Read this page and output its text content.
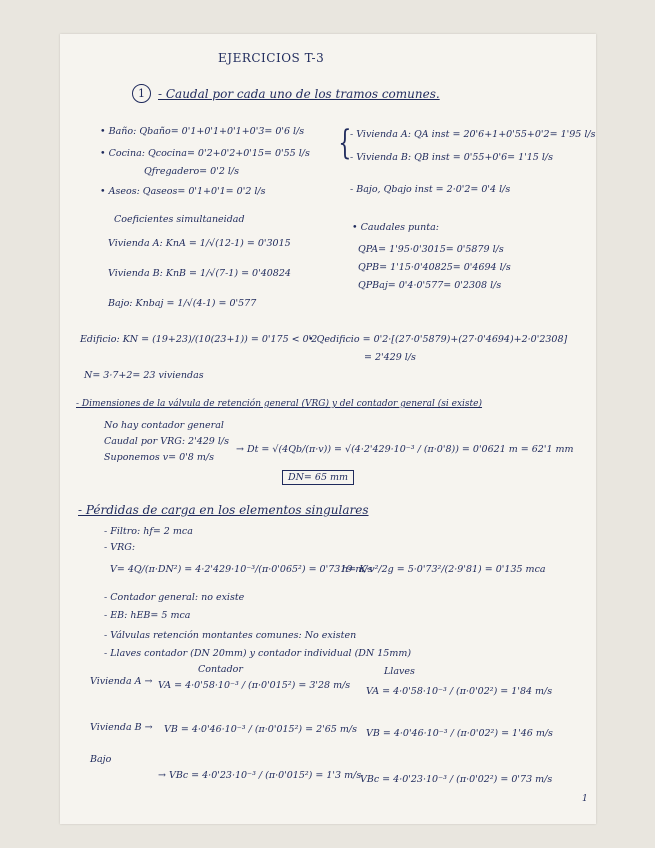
EJERCICIOS T-3
1	- Caudal por cada uno de los tramos comunes.
• Baño: Qbaño= 0'1+0'1+0'1+0'3= 0'6 l/s
• Cocina: Qcocina= 0'2+0'2+0'15= 0'55 l/s
Qfregadero= 0'2 l/s
• Aseos: Qaseos= 0'1+0'1= 0'2 l/s
{
- Vivienda A: QA inst = 20'6+1+0'55+0'2= 1'95 l/s
- Vivienda B: QB inst = 0'55+0'6= 1'15 l/s
- Bajo, Qbajo inst = 2·0'2= 0'4 l/s
Coeficientes simultaneidad
Vivienda A: KnA = 1/√(12-1) = 0'3015
Vivienda B: KnB = 1/√(7-1) = 0'40824
Bajo: Knbaj = 1/√(4-1) = 0'577
• Caudales punta:
QPA= 1'95·0'3015= 0'5879 l/s
QPB= 1'15·0'40825= 0'4694 l/s
QPBaj= 0'4·0'577= 0'2308 l/s
Edificio: KN = (19+23)/(10(23+1)) = 0'175 < 0'2
• Qedificio = 0'2·[(27·0'5879)+(27·0'4694)+2·0'2308]
= 2'429 l/s
N= 3·7+2= 23 viviendas
- Dimensiones de la válvula de retención general (VRG) y del contador general (si existe)
No hay contador general
Caudal por VRG: 2'429 l/s
Suponemos v= 0'8 m/s
→ Dt = √(4Qb/(π·v)) = √(4·2'429·10⁻³ / (π·0'8)) = 0'0621 m = 62'1 mm
DN= 65 mm
- Pérdidas de carga en los elementos singulares
- Filtro: hf= 2 mca
- VRG:
V= 4Q/(π·DN²) = 4·2'429·10⁻³/(π·0'065²) = 0'7319 m/s
h= K·v²/2g = 5·0'73²/(2·9'81) = 0'135 mca
- Contador general: no existe
- EB: hEB= 5 mca
- Válvulas retención montantes comunes: No existen
- Llaves contador (DN 20mm) y contador individual (DN 15mm)
Contador	Llaves
Vivienda A → VA = 4·0'58·10⁻³ / (π·0'015²) = 3'28 m/s
VA = 4·0'58·10⁻³ / (π·0'02²) = 1'84 m/s
Vivienda B → VB = 4·0'46·10⁻³ / (π·0'015²) = 2'65 m/s VB = 4·0'46·10⁻³ / (π·0'02²) = 1'46 m/s
Bajo
→ VBc = 4·0'23·10⁻³ / (π·0'015²) = 1'3 m/s
VBc = 4·0'23·10⁻³ / (π·0'02²) = 0'73 m/s
1
